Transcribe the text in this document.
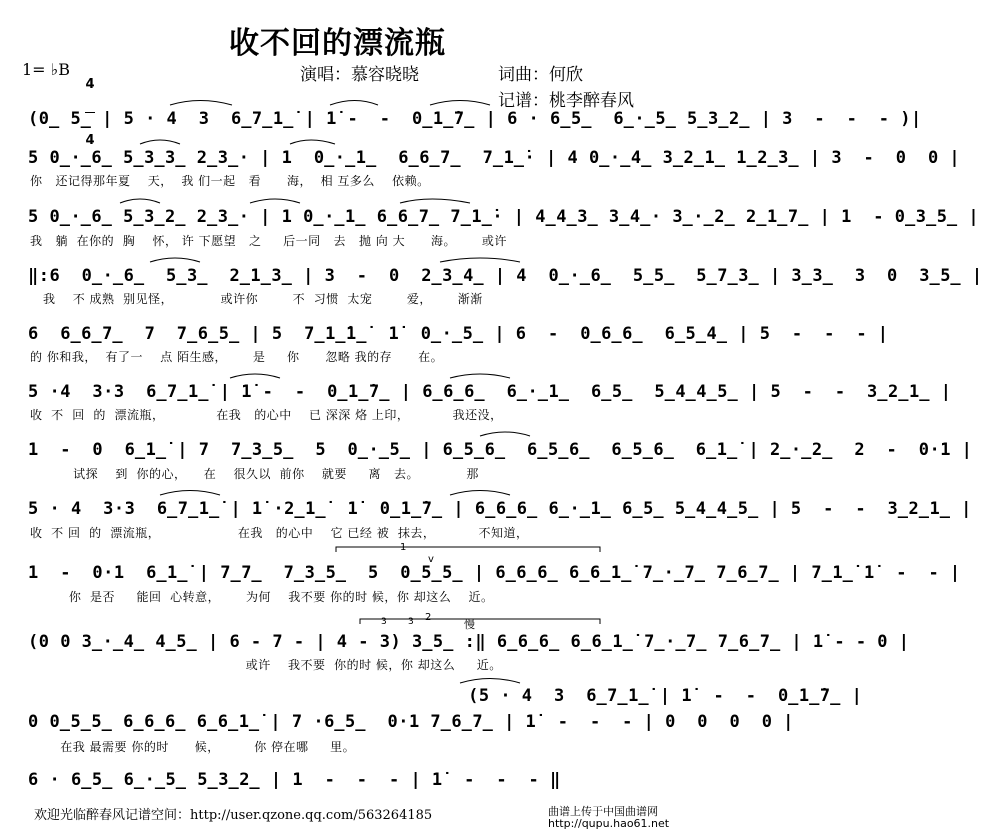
收不回的漂流瓶
1= ♭B

4

4

演唱：慕容晓晓	词曲：何欣
记谱：桃李醉春风
(0̲ 5̲ | 5 · 4  3  6̲7̲1̲̇ | 1̇ -  -  0̲1̲̇7̲ | 6 · 6̲5̲  6̲·̲5̲ 5̲3̲2̲ | 3  -  -  - )|
5 0̲·̲6̲ 5̲3̲3̲ 2̲3̲· | 1  0̲·̲1̲  6̲6̲7̲  7̲1̲̇· | 4 0̲·̲4̲ 3̲2̲1̲ 1̲2̲3̲ | 3  -  0  0 |
你   还记得那年夏    天，  我 们一起   看      海，  相 互多么    依赖。
5 0̲·̲6̲ 5̲3̲2̲ 2̲3̲· | 1 0̲·̲1̲ 6̲6̲7̲ 7̲1̲̇· | 4̲4̲3̲ 3̲4̲· 3̲·̲2̲ 2̲1̲7̲ | 1  - 0̲3̲5̲ |
我   躺  在你的  胸    怀， 许 下愿望   之     后一同   去   抛 向 大      海。      或许
‖:6  0̲·̲6̲  5̲3̲  2̲1̲3̲ | 3  -  0  2̲3̲4̲ | 4  0̲·̲6̲  5̲5̲  5̲7̲3̲ | 3̲3̲  3  0  3̲5̲ |
我    不 成熟  别见怪，           或许你        不  习惯  太宠        爱，      渐渐
6  6̲6̲7̲  7  7̲6̲5̲ | 5  7̲1̲̇1̲̇  1̇  0̲·̲5̲ | 6  -  0̲6̲6̲  6̲5̲4̲ | 5  -  -  - |
的 你和我，  有了一    点 陌生感，      是     你      忽略 我的存      在。
5 ·4  3·3  6̲7̲1̲̇ | 1̇ -  -  0̲1̲̇7̲ | 6̲6̲6̲  6̲·̲1̲  6̲5̲  5̲4̲4̲5̲ | 5  -  -  3̲2̲1̲ |
收  不  回  的  漂流瓶，            在我   的心中    已 深深 烙 上印，          我还没，
1  -  0  6̲1̲̇ | 7  7̲3̲5̲  5  0̲·̲5̲ | 6̲5̲6̲  6̲5̲6̲  6̲5̲6̲  6̲1̲̇ | 2̲·̲2̲  2  -  0·1 |
试探    到  你的心，    在    很久以  前你    就要     离   去。           那
5 · 4  3·3  6̲7̲1̲̇ | 1̇ ·2̲1̲̇  1̇  0̲1̲̇7̲ | 6̲6̲6̲ 6̲·̲1̲ 6̲5̲ 5̲4̲4̲5̲ | 5  -  -  3̲2̲1̲ |
收  不 回  的  漂流瓶，                  在我   的心中    它 已经 被  抹去，          不知道，
1  -  0·1  6̲1̲̇ | 7̲7̲  7̲3̲5̲  5  0̲5̲5̲ | 6̲6̲6̲ 6̲6̲1̲̇ 7̲·̲7̲ 7̲6̲7̲ | 7̲1̲̇ 1̇  -  - |
你  是否     能回  心转意，      为何    我不要 你的时 候，你 却这么    近。
(0 0 3̲·̲4̲ 4̲5̲ | 6 - 7 - | 4 - 3) 3̲5̲ :‖ 6̲6̲6̲ 6̲6̲1̲̇ 7̲·̲7̲ 7̲6̲7̲ | 1̇ - - 0 |
或许    我不要  你的时 候，你 却这么     近。
(5 · 4  3  6̲7̲1̲̇ | 1̇  -  -  0̲1̲̇7̲ |
0 0̲5̲5̲ 6̲6̲6̲ 6̲6̲1̲̇ | 7 ·6̲5̲  0·1 7̲6̲7̲ | 1̇  -  -  - | 0  0  0  0 |
在我 最需要 你的时      候，        你 停在哪     里。
6 · 6̲5̲ 6̲·̲5̲ 5̲3̲2̲ | 1  -  -  - | 1̇  -  -  - ‖
1
2
慢
3 3
v
欢迎光临醉春风记谱空间：http://user.qzone.qq.com/563264185	曲谱上传于中国曲谱网
http://qupu.hao61.net
